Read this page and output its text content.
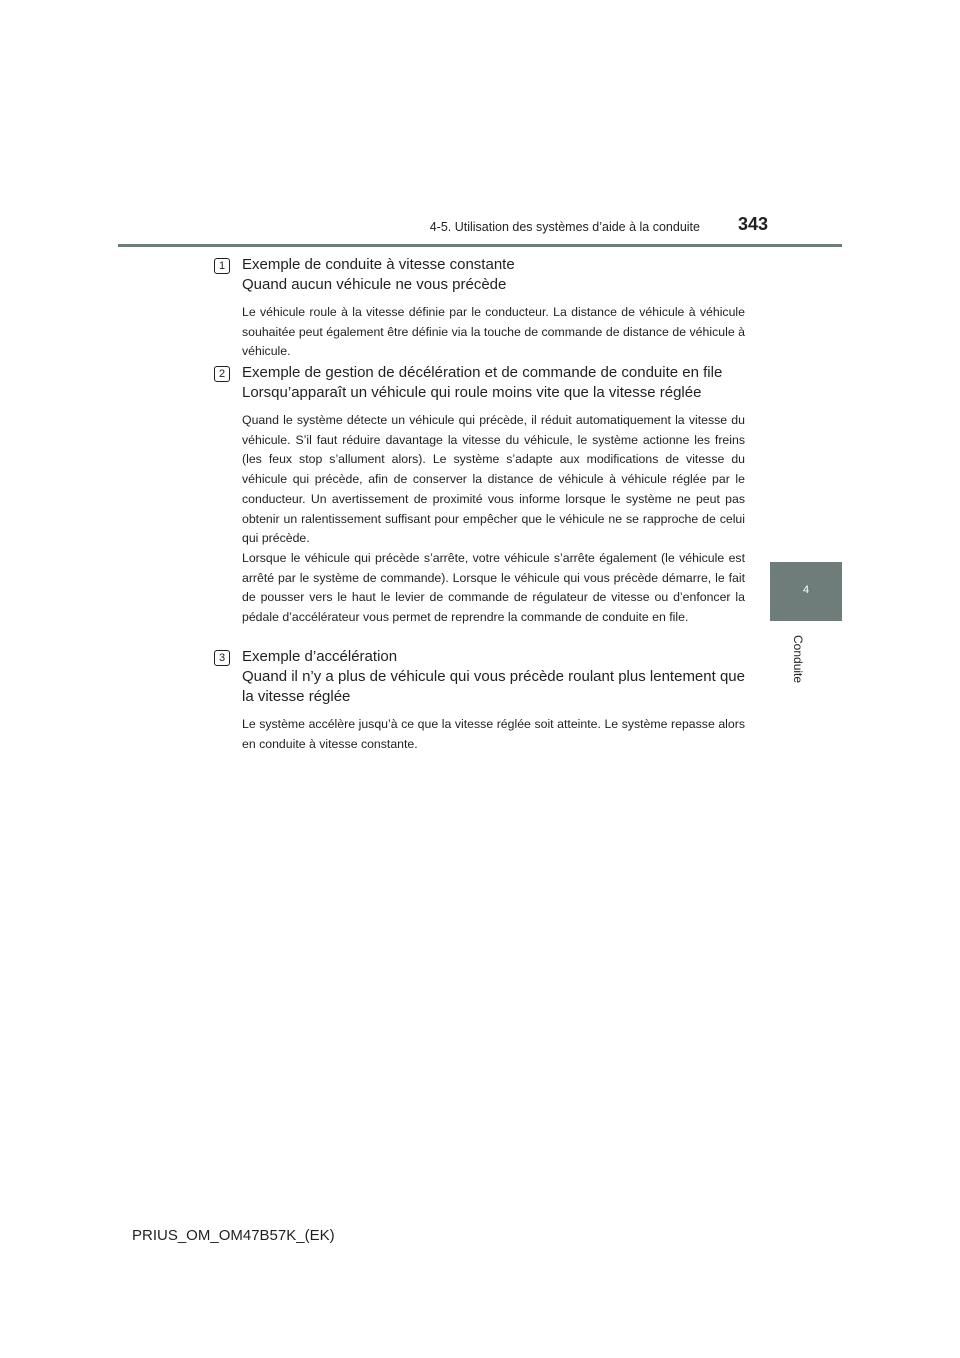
4-5. Utilisation des systèmes d’aide à la conduite 343
4
Conduite
1	Exemple de conduite à vitesse constante
Quand aucun véhicule ne vous précède

Le véhicule roule à la vitesse définie par le conducteur. La distance de véhicule à véhicule souhaitée peut également être définie via la touche de commande de distance de véhicule à véhicule.

2	Exemple de gestion de décélération et de commande de conduite en file
Lorsqu’apparaît un véhicule qui roule moins vite que la vitesse réglée

Quand le système détecte un véhicule qui précède, il réduit automatiquement la vitesse du véhicule. S’il faut réduire davantage la vitesse du véhicule, le système actionne les freins (les feux stop s’allument alors). Le système s’adapte aux modifications de vitesse du véhicule qui précède, afin de conserver la distance de véhicule à véhicule réglée par le conducteur. Un avertissement de proximité vous informe lorsque le système ne peut pas obtenir un ralentissement suffisant pour empêcher que le véhicule ne se rapproche de celui qui précède.

Lorsque le véhicule qui précède s’arrête, votre véhicule s’arrête également (le véhicule est arrêté par le système de commande). Lorsque le véhicule qui vous précède démarre, le fait de pousser vers le haut le levier de commande de régulateur de vitesse ou d’enfoncer la pédale d’accélérateur vous permet de reprendre la commande de conduite en file.

3	Exemple d’accélération
Quand il n’y a plus de véhicule qui vous précède roulant plus lentement que la vitesse réglée

Le système accélère jusqu’à ce que la vitesse réglée soit atteinte. Le système repasse alors en conduite à vitesse constante.

PRIUS_OM_OM47B57K_(EK)
